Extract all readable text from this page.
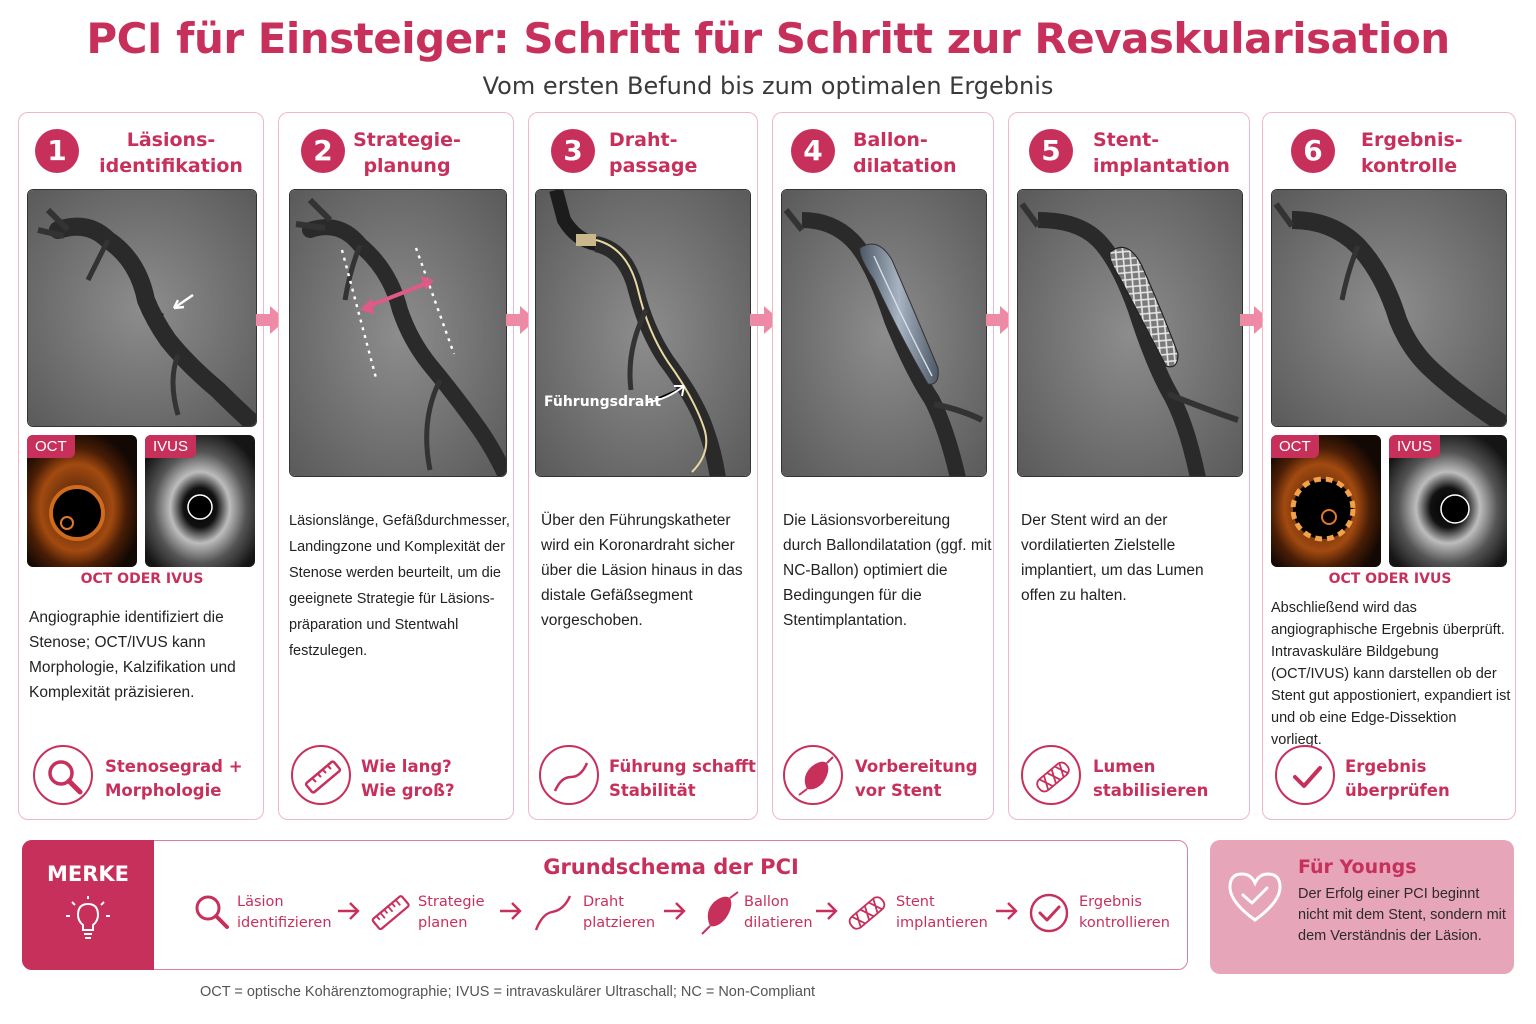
PCI für Einsteiger: Schritt für Schritt zur Revaskularisation
Vom ersten Befund bis zum optimalen Ergebnis
1	Läsions-
identifikation
OCT	IVUS
OCT ODER IVUS
Angiographie identifiziert die Stenose; OCT/IVUS kann Morphologie, Kalzifikation und Komplexität präzisieren.
Stenosegrad +
Morphologie
2	Strategie-
planung
Läsionslänge, Gefäßdurchmesser, Landingzone und Komplexität der Stenose werden beurteilt, um die geeignete Strategie für Läsions-präparation und Stentwahl festzulegen.
Wie lang?
Wie groß?
3	Draht-
passage
Führungsdraht
Über den Führungskatheter wird ein Koronardraht sicher über die Läsion hinaus in das distale Gefäßsegment vorgeschoben.
Führung schafft
Stabilität
4	Ballon-
dilatation
Die Läsionsvorbereitung durch Ballondilatation (ggf. mit NC-Ballon) optimiert die Bedingungen für die Stentimplantation.
Vorbereitung
vor Stent
5	Stent-
implantation
Der Stent wird an der vordilatierten Zielstelle implantiert, um das Lumen offen zu halten.
Lumen
stabilisieren
6	Ergebnis-
kontrolle
OCT	IVUS
OCT ODER IVUS
Abschließend wird das angiographische Ergebnis überprüft. Intravaskuläre Bildgebung (OCT/IVUS) kann darstellen ob der Stent gut appostioniert, expandiert ist und ob eine Edge-Dissektion vorliegt.
Ergebnis
überprüfen
MERKE	Grundschema der PCI
Läsion
identifizieren
Strategie
planen
Draht
platzieren
Ballon
dilatieren
Stent
implantieren
Ergebnis
kontrollieren
Für Youngs
Der Erfolg einer PCI beginnt nicht mit dem Stent, sondern mit dem Verständnis der Läsion.
OCT = optische Kohärenztomographie; IVUS = intravaskulärer Ultraschall; NC = Non-Compliant
